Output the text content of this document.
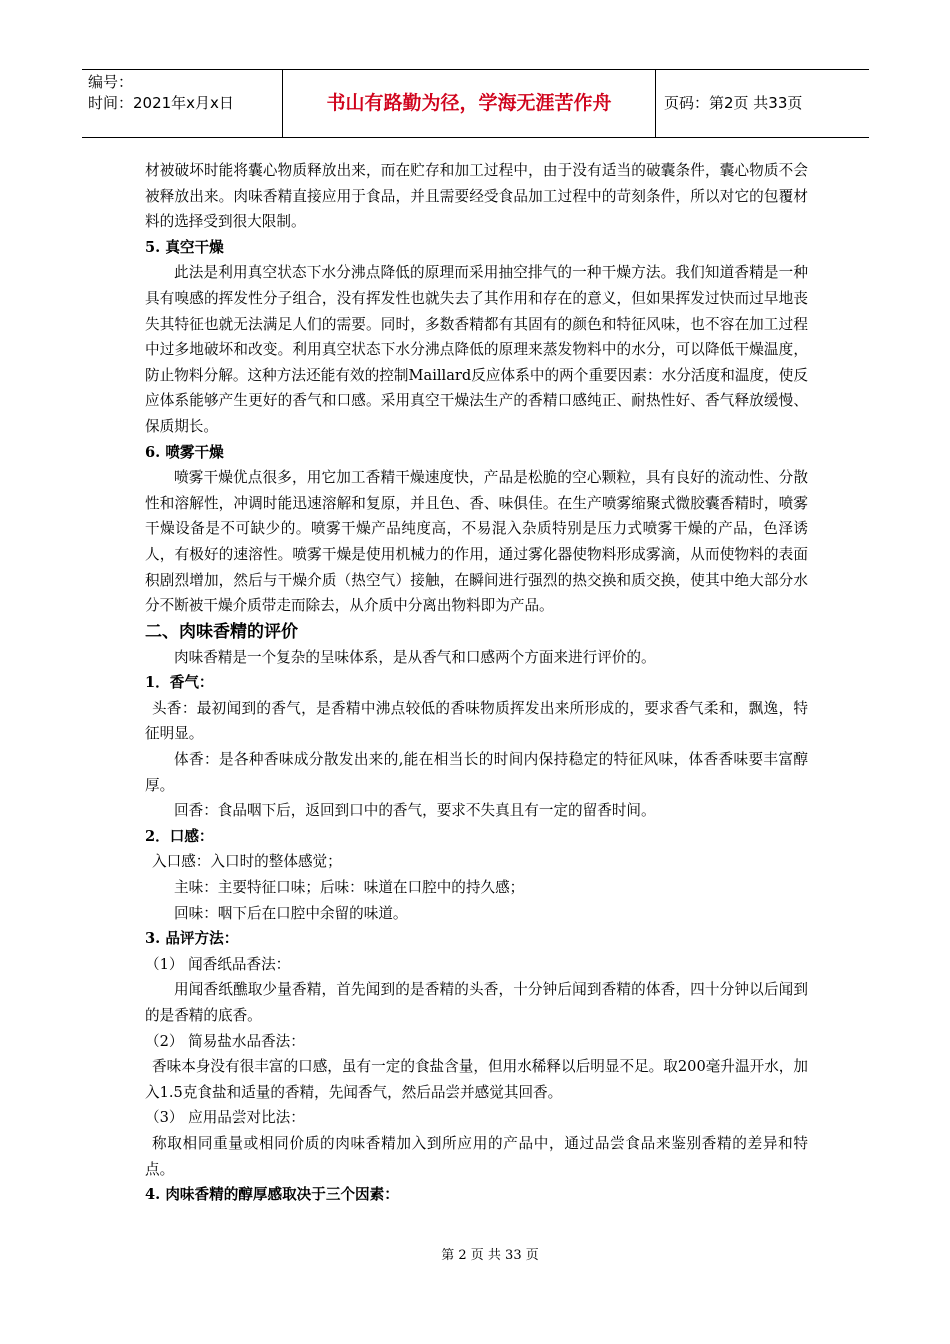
编号：
时间：2021年x月x日	书山有路勤为径，学海无涯苦作舟	页码：第2页 共33页

材被破坏时能将囊心物质释放出来，而在贮存和加工过程中，由于没有适当的破囊条件，囊心物质不会被释放出来。肉味香精直接应用于食品，并且需要经受食品加工过程中的苛刻条件，所以对它的包覆材料的选择受到很大限制。

5. 真空干燥

此法是利用真空状态下水分沸点降低的原理而采用抽空排气的一种干燥方法。我们知道香精是一种具有嗅感的挥发性分子组合，没有挥发性也就失去了其作用和存在的意义，但如果挥发过快而过早地丧失其特征也就无法满足人们的需要。同时，多数香精都有其固有的颜色和特征风味，也不容在加工过程中过多地破坏和改变。利用真空状态下水分沸点降低的原理来蒸发物料中的水分，可以降低干燥温度，防止物料分解。这种方法还能有效的控制Maillard反应体系中的两个重要因素：水分活度和温度，使反应体系能够产生更好的香气和口感。采用真空干燥法生产的香精口感纯正、耐热性好、香气释放缓慢、保质期长。

6. 喷雾干燥

喷雾干燥优点很多，用它加工香精干燥速度快，产品是松脆的空心颗粒，具有良好的流动性、分散性和溶解性，冲调时能迅速溶解和复原，并且色、香、味俱佳。在生产喷雾缩聚式微胶囊香精时，喷雾干燥设备是不可缺少的。喷雾干燥产品纯度高，不易混入杂质特别是压力式喷雾干燥的产品，色泽诱人，有极好的速溶性。喷雾干燥是使用机械力的作用，通过雾化器使物料形成雾滴，从而使物料的表面积剧烈增加，然后与干燥介质（热空气）接触，在瞬间进行强烈的热交换和质交换，使其中绝大部分水分不断被干燥介质带走而除去，从介质中分离出物料即为产品。

二、肉味香精的评价

肉味香精是一个复杂的呈味体系，是从香气和口感两个方面来进行评价的。

1．香气：

头香：最初闻到的香气，是香精中沸点较低的香味物质挥发出来所形成的，要求香气柔和，飘逸，特征明显。

体香：是各种香味成分散发出来的,能在相当长的时间内保持稳定的特征风味，体香香味要丰富醇厚。

回香：食品咽下后，返回到口中的香气，要求不失真且有一定的留香时间。

2．口感：

入口感：入口时的整体感觉；

主味：主要特征口味；后味：味道在口腔中的持久感；

回味：咽下后在口腔中余留的味道。

3. 品评方法：

（1） 闻香纸品香法：

用闻香纸醮取少量香精，首先闻到的是香精的头香，十分钟后闻到香精的体香，四十分钟以后闻到的是香精的底香。

（2） 简易盐水品香法：

香味本身没有很丰富的口感，虽有一定的食盐含量，但用水稀释以后明显不足。取200毫升温开水，加入1.5克食盐和适量的香精，先闻香气，然后品尝并感觉其回香。

（3） 应用品尝对比法：

称取相同重量或相同价质的肉味香精加入到所应用的产品中，通过品尝食品来鉴别香精的差异和特点。

4. 肉味香精的醇厚感取决于三个因素：

第 2 页 共 33 页
